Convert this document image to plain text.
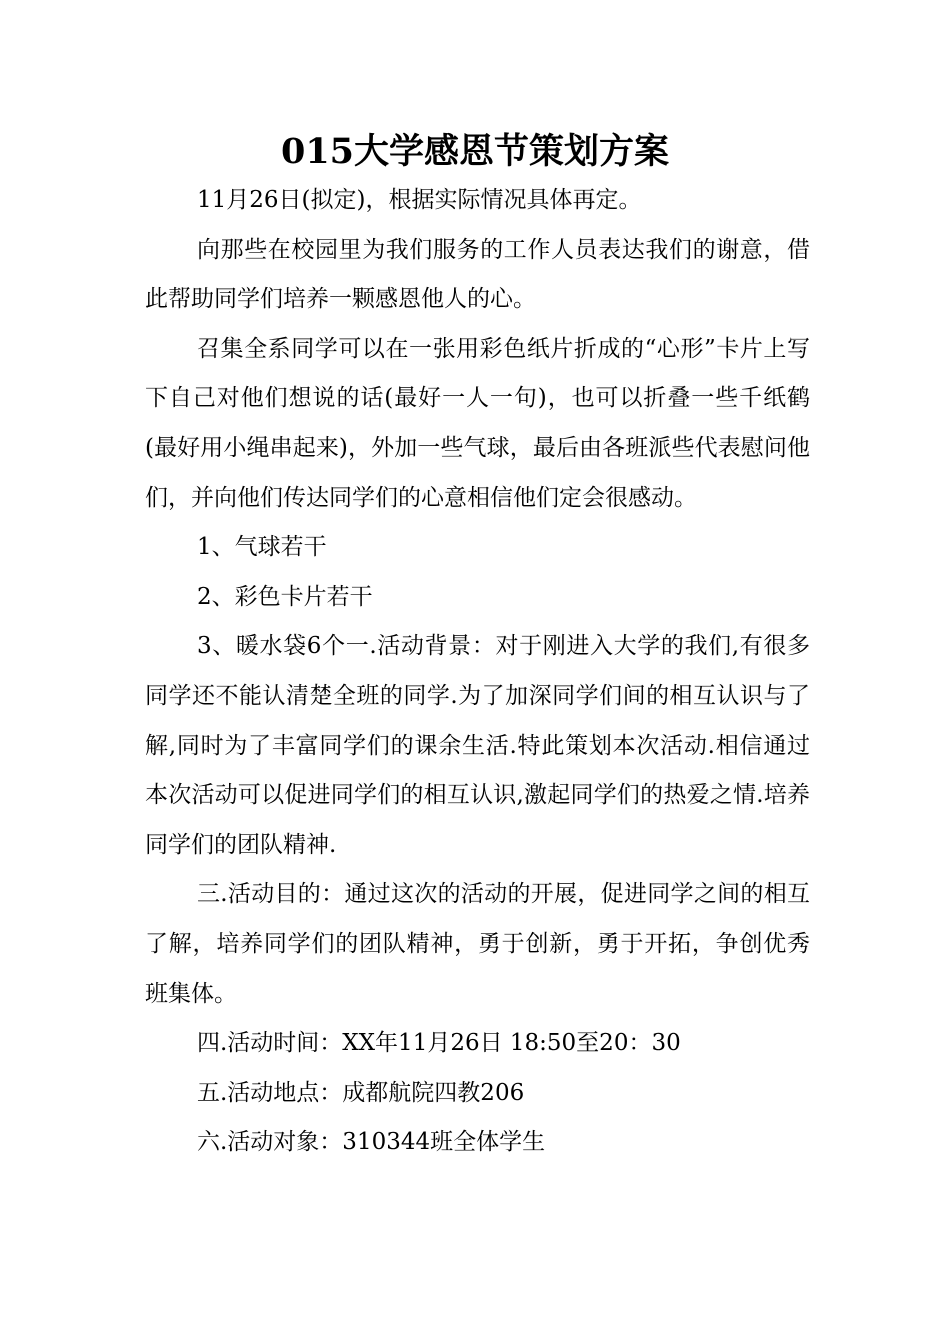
015大学感恩节策划方案

11月26日(拟定)，根据实际情况具体再定。

向那些在校园里为我们服务的工作人员表达我们的谢意，借此帮助同学们培养一颗感恩他人的心。

召集全系同学可以在一张用彩色纸片折成的“心形”卡片上写下自己对他们想说的话(最好一人一句)，也可以折叠一些千纸鹤(最好用小绳串起来)，外加一些气球，最后由各班派些代表慰问他们，并向他们传达同学们的心意相信他们定会很感动。

1、气球若干

2、彩色卡片若干

3、暖水袋6个一.活动背景：对于刚进入大学的我们,有很多同学还不能认清楚全班的同学.为了加深同学们间的相互认识与了解,同时为了丰富同学们的课余生活.特此策划本次活动.相信通过本次活动可以促进同学们的相互认识,激起同学们的热爱之情.培养同学们的团队精神.

三.活动目的：通过这次的活动的开展，促进同学之间的相互了解，培养同学们的团队精神，勇于创新，勇于开拓，争创优秀班集体。

四.活动时间：XX年11月26日 18:50至20：30

五.活动地点：成都航院四教206

六.活动对象：310344班全体学生
